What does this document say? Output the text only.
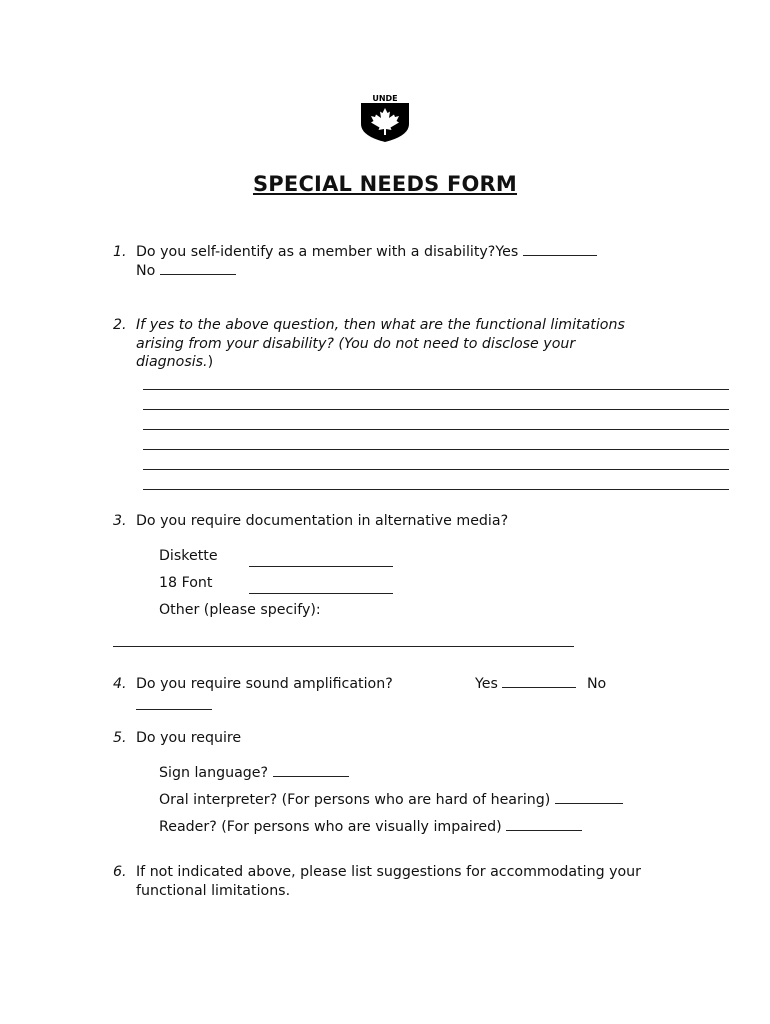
UNDE
SPECIAL NEEDS FORM
1. Do you self-identify as a member with a disability?Yes
No
2. If yes to the above question, then what are the functional limitations arising from your disability? (You do not need to disclose your diagnosis.)
3. Do you require documentation in alternative media?
Diskette
18 Font
Other (please specify):
4. Do you require sound amplification?	Yes	No
5. Do you require
Sign language?
Oral interpreter? (For persons who are hard of hearing)
Reader? (For persons who are visually impaired)
6. If not indicated above, please list suggestions for accommodating your functional limitations.
